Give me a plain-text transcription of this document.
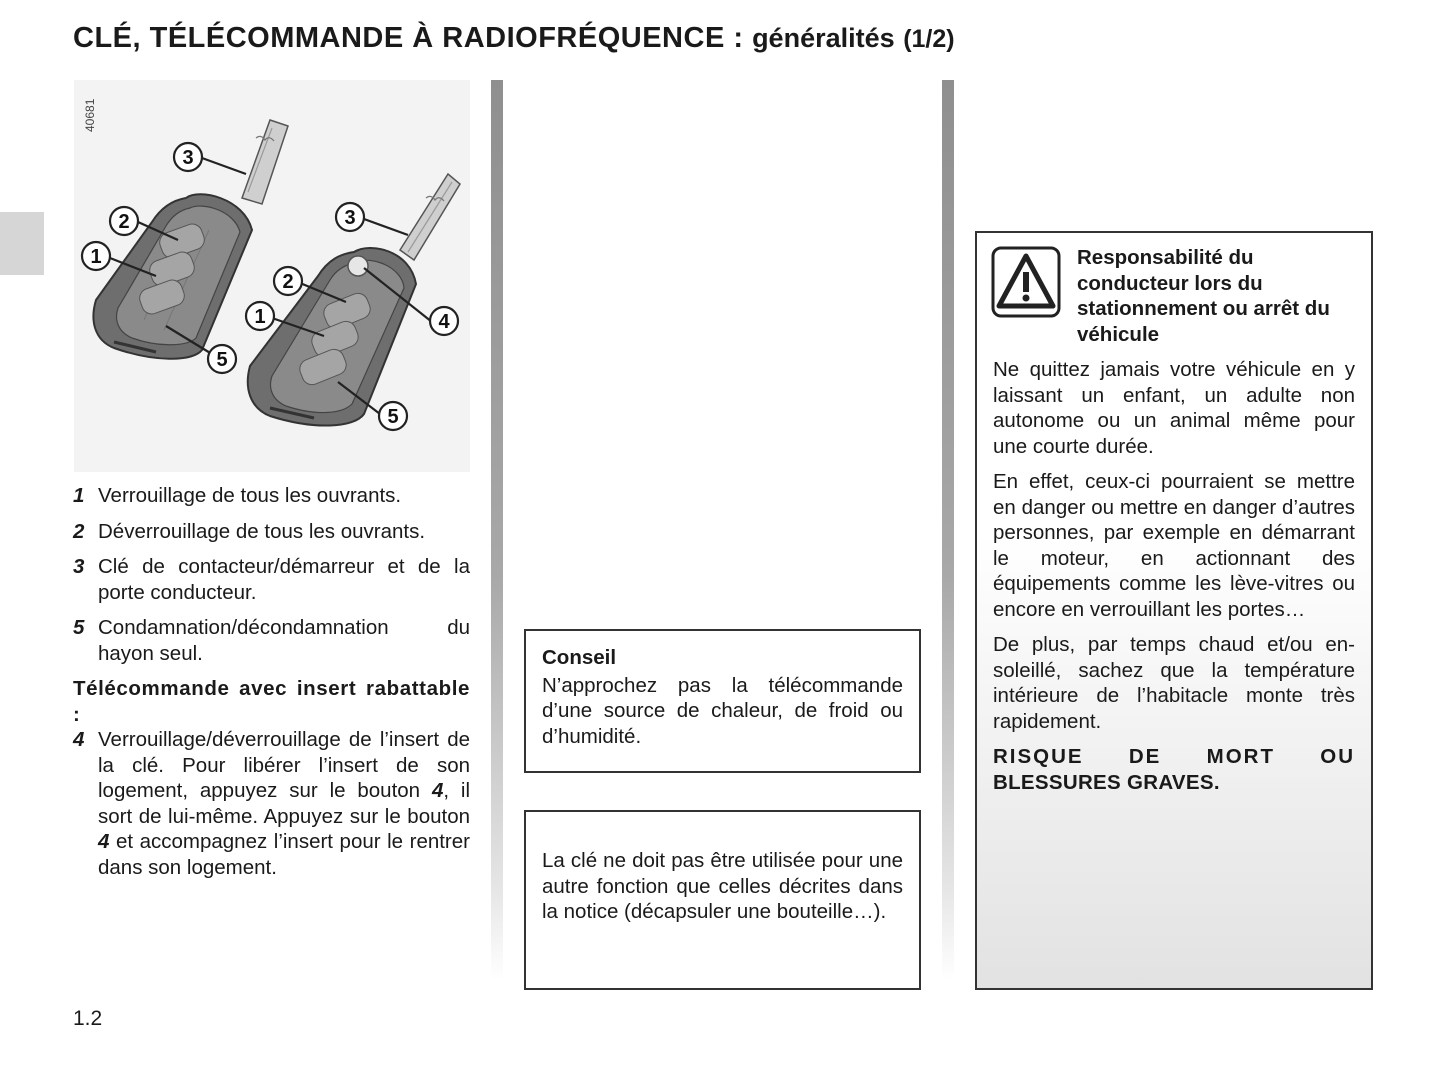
CLÉ, TÉLÉCOMMANDE À RADIOFRÉQUENCE : généralités (1/2)
40681
3
2
1
5
3
2
1	4
5
1 Verrouillage de tous les ouvrants.
2 Déverrouillage de tous les ouvrants.
3 Clé de contacteur/démarreur et de la porte conducteur.
5 Condamnation/décondamnation du hayon seul.
Télécommande avec insert rabattable :
4 Verrouillage/déverrouillage de l’insert de la clé. Pour libérer l’insert de son logement, appuyez sur le bouton 4, il sort de lui-même. Appuyez sur le bouton 4 et accompagnez l’insert pour le rentrer dans son logement.
Conseil

N’approchez pas la télécommande d’une source de chaleur, de froid ou d’humidité.

La clé ne doit pas être utilisée pour une autre fonction que celles décrites dans la notice (décapsuler une bouteille…).

Responsabilité du conducteur lors du stationnement ou arrêt du véhicule

Ne quittez jamais votre véhicule en y laissant un enfant, un adulte non autonome ou un animal même pour une courte durée.

En effet, ceux-ci pourraient se mettre en danger ou mettre en danger d’autres personnes, par exemple en démarrant le moteur, en actionnant des équipements comme les lève-vitres ou encore en verrouillant les portes…

De plus, par temps chaud et/ou ensoleillé, sachez que la température intérieure de l’habitacle monte très rapidement.

RISQUE DE MORT OU
BLESSURES GRAVES.
1.2
